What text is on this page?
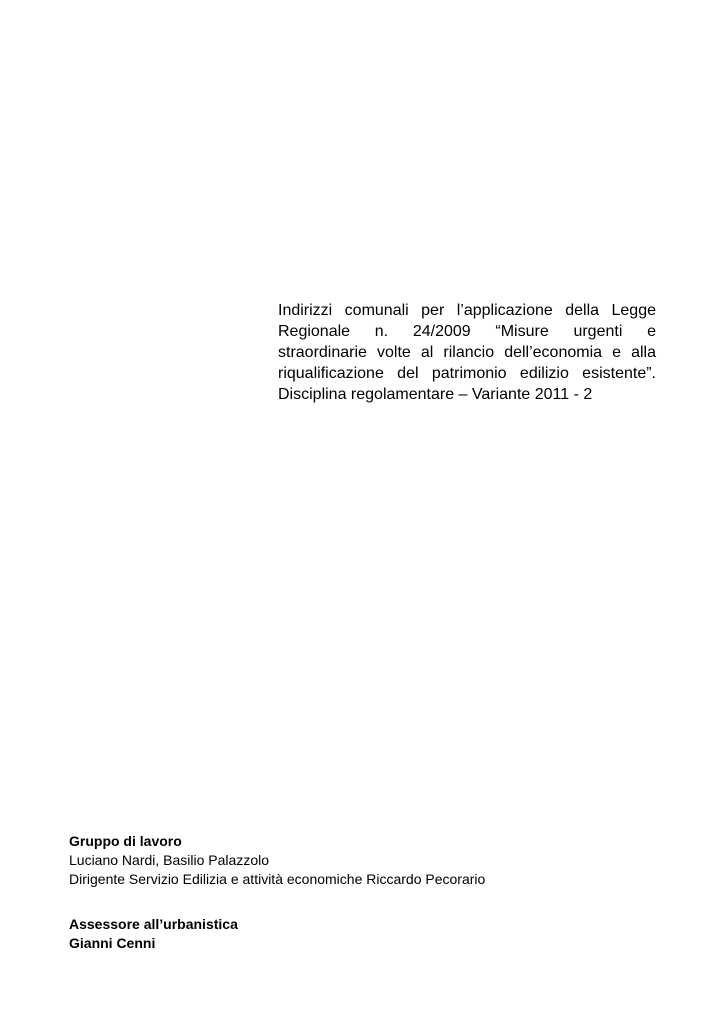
Indirizzi comunali per l’applicazione della Legge
Regionale n. 24/2009 “Misure urgenti e
straordinarie volte al rilancio dell’economia e alla
riqualificazione del patrimonio edilizio esistente”.
Disciplina regolamentare – Variante 2011 - 2
Gruppo di lavoro
Luciano Nardi, Basilio Palazzolo
Dirigente Servizio Edilizia e attività economiche Riccardo Pecorario
Assessore all’urbanistica
Gianni Cenni
